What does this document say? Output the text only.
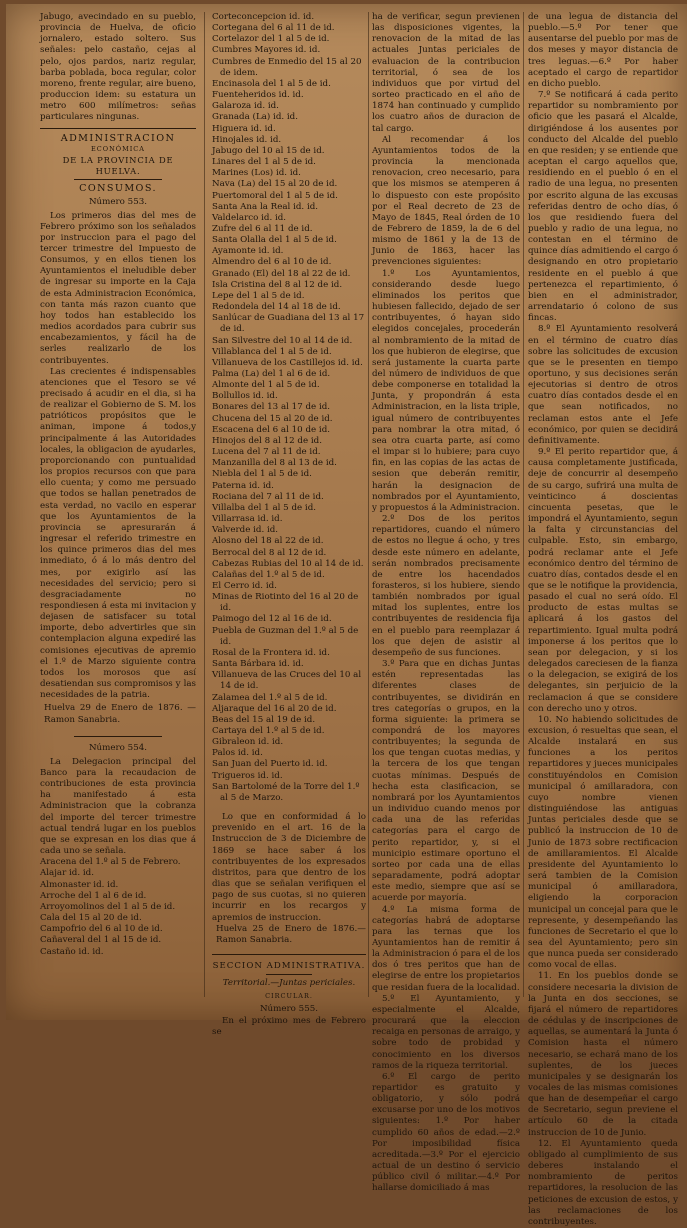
Jabugo, avecindado en su pueblo, provincia de Huelva, de oficio jornalero, estado soltero. Sus señales: pelo castaño, cejas al pelo, ojos pardos, nariz regular, barba poblada, boca regular, color moreno, frente regular, aire bueno, produccion idem: su estatura un metro 600 milímetros: señas particulares ningunas.

ADMINISTRACION

ECONÓMICA

DE LA PROVINCIA DE HUELVA.

CONSUMOS.

Número 553.

Los primeros dias del mes de Febrero próximo son los señalados por instruccion para el pago del tercer trimestre del Impuesto de Consumos, y en ellos tienen los Ayuntamientos el ineludible deber de ingresar su importe en la Caja de esta Administracion Económica, con tanta más razon cuanto que hoy todos han establecido los medios acordados para cubrir sus encabezamientos, y fácil ha de serles realizarlo de los contribuyentes.

Las crecientes é indispensables atenciones que el Tesoro se vé precisado á acudir en el dia, si ha de realizar el Gobierno de S. M. los patrióticos propósitos que le animan, impone á todos,y principalmente á las Autoridades locales, la obligacion de ayudarles, proporcionando con puntualidad los propios recursos con que para ello cuenta; y como me persuado que todos se hallan penetrados de esta verdad, no vacilo en esperar que los Ayuntamientos de la provincia se apresurarán á ingresar el referido trimestre en los quince primeros dias del mes inmediato, ó á lo más dentro del mes, por exigirlo así las necesidades del servicio; pero si desgraciadamente no respondiesen á esta mi invitacion y dejasen de satisfacer su total importe, debo advertirles que sin contemplacion alguna expediré las comisiones ejecutivas de apremio el 1.º de Marzo siguiente contra todos los morosos que así desatiendan sus compromisos y las necesidades de la patria.

Huelva 29 de Enero de 1876. —Ramon Sanabria.

Número 554.

La Delegacion principal del Banco para la recaudacion de contribuciones de esta provincia ha manifestado á esta Administracion que la cobranza del importe del tercer trimestre actual tendrá lugar en los pueblos que se expresan en los dias que á cada uno se señala.

Aracena del 1.º al 5 de Febrero.
Alajar id. id.
Almonaster id. id.
Arroche del 1 al 6 de id.
Arroyomolinos del 1 al 5 de id.
Cala del 15 al 20 de id.
Campofrio del 6 al 10 de id.
Cañaveral del 1 al 15 de id.
Castaño id. id.
Corteconcepcion id. id.
Cortegana del 6 al 11 de id.
Cortelazor del 1 al 5 de id.
Cumbres Mayores id. id.
Cumbres de Enmedio del 15 al 20 de idem.
Encinasola del 1 al 5 de id.
Fuenteheridos id. id.
Galaroza id. id.
Granada (La) id. id.
Higuera id. id.
Hinojales id. id.
Jabugo del 10 al 15 de id.
Linares del 1 al 5 de id.
Marines (Los) id. id.
Nava (La) del 15 al 20 de id.
Puertomoral del 1 al 5 de id.
Santa Ana la Real id. id.
Valdelarco id. id.
Zufre del 6 al 11 de id.
Santa Olalla del 1 al 5 de id.
Ayamonte id. id.
Almendro del 6 al 10 de id.
Granado (El) del 18 al 22 de id.
Isla Cristina del 8 al 12 de id.
Lepe del 1 al 5 de id.
Redondela del 14 al 18 de id.
Sanlúcar de Guadiana del 13 al 17 de id.
San Silvestre del 10 al 14 de id.
Villablanca del 1 al 5 de id.
Villanueva de los Castillejos id. id.
Palma (La) del 1 al 6 de id.
Almonte del 1 al 5 de id.
Bollullos id. id.
Bonares del 13 al 17 de id.
Chucena del 15 al 20 de id.
Escacena del 6 al 10 de id.
Hinojos del 8 al 12 de id.
Lucena del 7 al 11 de id.
Manzanilla del 8 al 13 de id.
Niebla del 1 al 5 de id.
Paterna id. id.
Rociana del 7 al 11 de id.
Villalba del 1 al 5 de id.
Villarrasa id. id.
Valverde id. id.
Alosno del 18 al 22 de id.
Berrocal del 8 al 12 de id.
Cabezas Rubias del 10 al 14 de id.
Calañas del 1.º al 5 de id.
El Cerro id. id.
Minas de Riotinto del 16 al 20 de id.
Paimogo del 12 al 16 de id.
Puebla de Guzman del 1.º al 5 de id.
Rosal de la Frontera id. id.
Santa Bárbara id. id.
Villanueva de las Cruces del 10 al 14 de id.
Zalamea del 1.º al 5 de id.
Aljaraque del 16 al 20 de id.
Beas del 15 al 19 de id.
Cartaya del 1.º al 5 de id.
Gibraleon id. id.
Palos id. id.
San Juan del Puerto id. id.
Trigueros id. id.
San Bartolomé de la Torre del 1.º al 5 de Marzo.

Lo que en conformidad á lo prevenido en el art. 16 de la Instruccion de 3 de Diciembre de 1869 se hace saber á los contribuyentes de los expresados distritos, para que dentro de los dias que se señalan verifiquen el pago de sus cuotas, si no quieren incurrir en los recargos y apremios de instruccion.

Huelva 25 de Enero de 1876.—Ramon Sanabria.

SECCION ADMINISTRATIVA.

Territorial.—Juntas periciales.

CIRCULAR.

Número 555.

En el próximo mes de Febrero se

ha de verificar, segun previenen las disposiciones vigentes, la renovacion de la mitad de las actuales Juntas periciales de evaluacion de la contribucion territorial, ó sea de los individuos que por virtud del sorteo practicado en el año de 1874 han continuado y cumplido los cuatro años de duracion de tal cargo.

Al recomendar á los Ayuntamientos todos de la provincia la mencionada renovacion, creo necesario, para que los mismos se atemperen á lo dispuesto con este propósito por el Real decreto de 23 de Mayo de 1845, Real órden de 10 de Febrero de 1859, la de 6 del mismo de 1861 y la de 13 de Junio de 1863, hacer las prevenciones siguientes:

1.º Los Ayuntamientos, considerando desde luego eliminados los peritos que hubiesen fallecido, dejado de ser contribuyentes, ó hayan sido elegidos concejales, procederán al nombramiento de la mitad de los que hubieron de elegirse, que será justamente la cuarta parte del número de individuos de que debe componerse en totalidad la Junta, y propondrán á esta Administracion, en la lista triple, igual número de contribuyentes para nombrar la otra mitad, ó sea otra cuarta parte, así como el impar si lo hubiere; para cuyo fin, en las copias de las actas de sesion que deberán remitir, harán la designacion de nombrados por el Ayuntamiento, y propuestos á la Administracion.

2.º Dos de los peritos repartidores, cuando el número de estos no llegue á ocho, y tres desde este número en adelante, serán nombrados precisamente de entre los hacendados forasteros, si los hubiere, siendo también nombrados por igual mitad los suplentes, entre los contribuyentes de residencia fija en el pueblo para reemplazar á los que dejen de asistir al desempeño de sus funciones.

3.º Para que en dichas Juntas estén representadas las diferentes clases de contribuyentes, se dividirán en tres categorías o grupos, en la forma siguiente: la primera se compondrá de los mayores contribuyentes; la segunda de los que tengan cuotas medias, y la tercera de los que tengan cuotas mínimas. Después de hecha esta clasificacion, se nombrará por los Ayuntamientos un individuo cuando menos por cada una de las referidas categorías para el cargo de perito repartidor, y, si el municipio estimare oportuno el sorteo por cada una de ellas separadamente, podrá adoptar este medio, siempre que así se acuerde por mayoría.

4.º La misma forma de categorías habrá de adoptarse para las ternas que los Ayuntamientos han de remitir á la Administracion ó para el de los dos ó tres peritos que han de elegirse de entre los propietarios que residan fuera de la localidad.

5.º El Ayuntamiento, y especialmente el Alcalde, procurará que la eleccion recaiga en personas de arraigo, y sobre todo de probidad y conocimiento en los diversos ramos de la riqueza territorial.

6.º El cargo de perito repartidor es gratuito y obligatorio, y sólo podrá excusarse por uno de los motivos siguientes: 1.º Por haber cumplido 60 años de edad.—2.º Por imposibilidad física acreditada.—3.º Por el ejercicio actual de un destino ó servicio público civil ó militar.—4.º Por hallarse domiciliado á mas

de una legua de distancia del pueblo.—5.º Por tener que ausentarse del pueblo por mas de dos meses y mayor distancia de tres leguas.—6.º Por haber aceptado el cargo de repartidor en dicho pueblo.

7.º Se notificará á cada perito repartidor su nombramiento por oficio que les pasará el Alcalde, dirigiéndose á los ausentes por conducto del Alcalde del pueblo en que residen; y se entiende que aceptan el cargo aquellos que, residiendo en el pueblo ó en el radio de una legua, no presenten por escrito alguna de las excusas referidas dentro de ocho días, ó los que residiendo fuera del pueblo y radio de una legua, no contestan en el término de quince días admitiendo el cargo ó designando en otro propietario residente en el pueblo á que pertenezca el repartimiento, ó bien en el administrador, arrendatario ó colono de sus fincas.

8.º El Ayuntamiento resolverá en el término de cuatro días sobre las solicitudes de excusion que se le presenten en tiempo oportuno, y sus decisiones serán ejecutorias si dentro de otros cuatro días contados desde el en que sean notificados, no reclaman estos ante el Jefe económico, por quien se decidirá definitivamente.

9.º El perito repartidor que, á causa completamente justificada, deje de concurrir al desempeño de su cargo, sufrirá una multa de veinticinco á doscientas cincuenta pesetas, que le impondrá el Ayuntamiento, segun la falta y circunstancias del culpable. Esto, sin embargo, podrá reclamar ante el Jefe económico dentro del término de cuatro días, contados desde el en que se le notifique la providencia, pasado el cual no será oído. El producto de estas multas se aplicará á los gastos del repartimiento. Igual multa podrá imponerse á los peritos que lo sean por delegacion, y si los delegados careciesen de la fianza o la delegacion, se exigirá de los delegantes, sin perjuicio de la reclamacion á que se considere con derecho uno y otros.

10. No habiendo solicitudes de excusion, ó resueltas que sean, el Alcalde instalará en sus funciones a los peritos repartidores y jueces municipales constituyéndolos en Comision municipal ó amillaradora, con cuyo nombre vienen distinguiéndose las antiguas Juntas periciales desde que se publicó la instruccion de 10 de Junio de 1873 sobre rectificacion de amillaramientos. El Alcalde presidente del Ayuntamiento lo será tambien de la Comision municipal ó amillaradora, eligiendo la corporacion municipal un concejal para que le represente, y desempeñando las funciones de Secretario el que lo sea del Ayuntamiento; pero sin que nunca pueda ser considerado como vocal de ellas.

11. En los pueblos donde se considere necesaria la division de la Junta en dos secciones, se fijará el número de repartidores de cédulas y de inscripciones de aquellas, se aumentará la Junta ó Comision hasta el número necesario, se echará mano de los suplentes, de los jueces municipales y se designarán los vocales de las mismas comisiones que han de desempeñar el cargo de Secretario, segun previene el artículo 60 de la citada instruccion de 10 de Junio.

12. El Ayuntamiento queda obligado al cumplimiento de sus deberes instalando el nombramiento de peritos repartidores, la resolucion de las peticiones de excusion de estos, y las reclamaciones de los contribuyentes.
